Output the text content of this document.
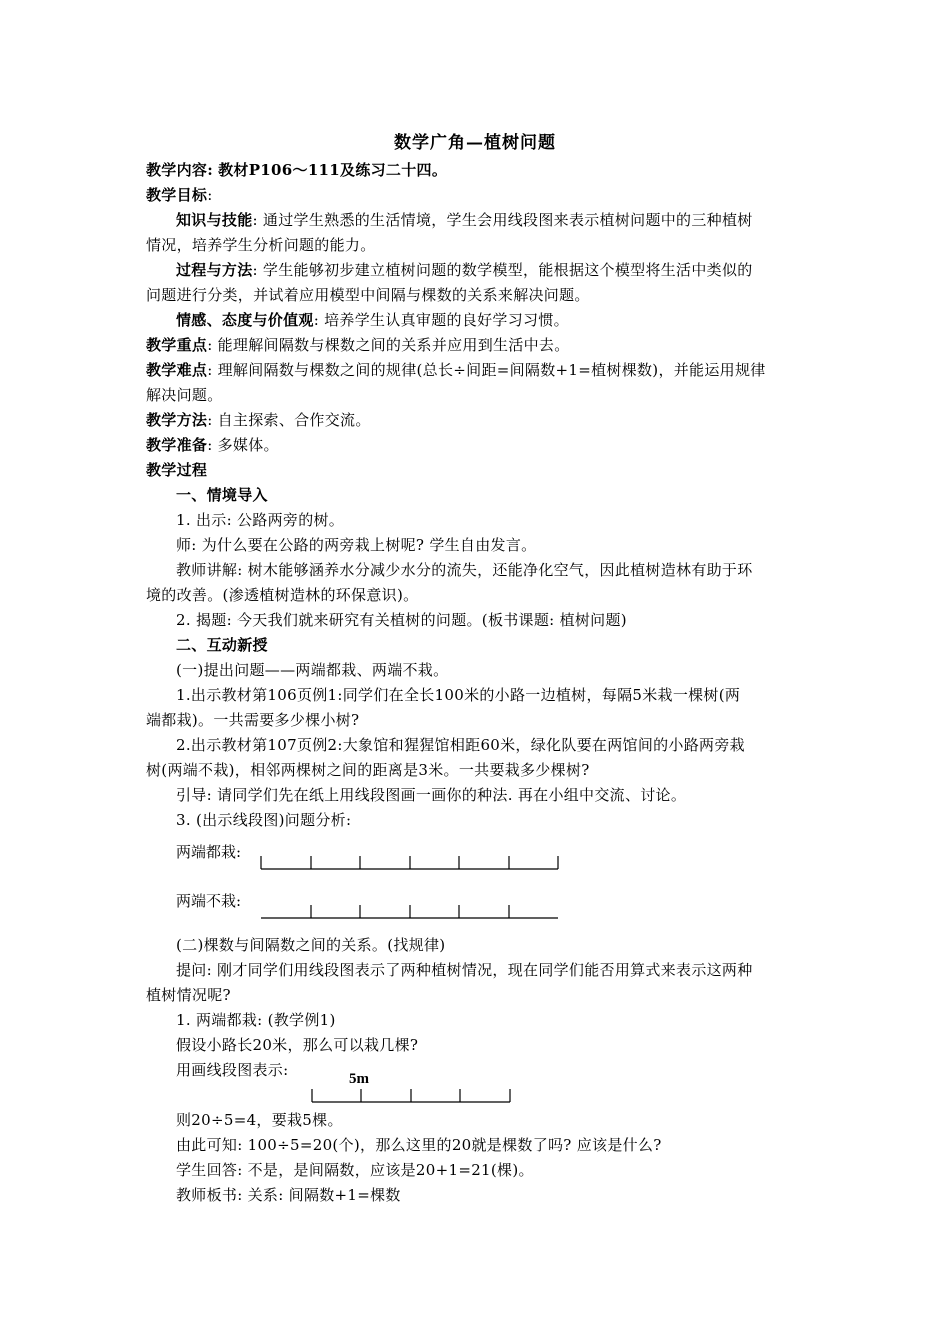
数学广角—植树问题
教学内容: 教材P106～111及练习二十四。
教学目标:
知识与技能: 通过学生熟悉的生活情境，学生会用线段图来表示植树问题中的三种植树
情况，培养学生分析问题的能力。
过程与方法: 学生能够初步建立植树问题的数学模型，能根据这个模型将生活中类似的
问题进行分类，并试着应用模型中间隔与棵数的关系来解决问题。
情感、态度与价值观: 培养学生认真审题的良好学习习惯。
教学重点: 能理解间隔数与棵数之间的关系并应用到生活中去。
教学难点: 理解间隔数与棵数之间的规律(总长÷间距=间隔数+1=植树棵数)，并能运用规律
解决问题。
教学方法: 自主探索、合作交流。
教学准备: 多媒体。
教学过程
一、情境导入
1. 出示: 公路两旁的树。
师: 为什么要在公路的两旁栽上树呢? 学生自由发言。
教师讲解: 树木能够涵养水分减少水分的流失，还能净化空气，因此植树造林有助于环
境的改善。(渗透植树造林的环保意识)。
2. 揭题: 今天我们就来研究有关植树的问题。(板书课题: 植树问题)
二、互动新授
(一)提出问题——两端都栽、两端不栽。
1.出示教材第106页例1:同学们在全长100米的小路一边植树，每隔5米栽一棵树(两
端都栽)。一共需要多少棵小树?
2.出示教材第107页例2:大象馆和猩猩馆相距60米，绿化队要在两馆间的小路两旁栽
树(两端不栽)，相邻两棵树之间的距离是3米。一共要栽多少棵树?
引导: 请同学们先在纸上用线段图画一画你的种法. 再在小组中交流、讨论。
3. (出示线段图)问题分析:
两端都栽:
两端不栽:
5m
(二)棵数与间隔数之间的关系。(找规律)
提问: 刚才同学们用线段图表示了两种植树情况，现在同学们能否用算式来表示这两种
植树情况呢?
1. 两端都栽: (教学例1)
假设小路长20米，那么可以栽几棵?
用画线段图表示:
则20÷5=4，要栽5棵。
由此可知: 100÷5=20(个)，那么这里的20就是棵数了吗? 应该是什么?
学生回答: 不是，是间隔数，应该是20+1=21(棵)。
教师板书: 关系: 间隔数+1=棵数
